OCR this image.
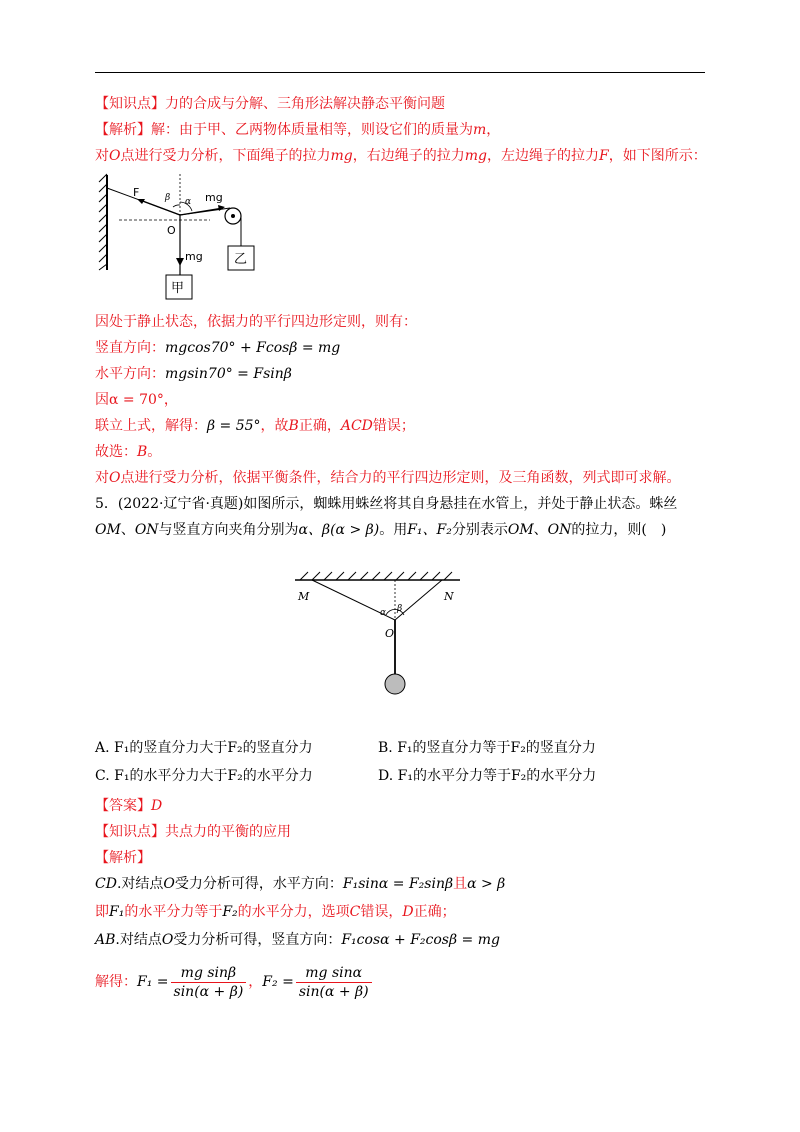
【知识点】力的合成与分解、三角形法解决静态平衡问题
【解析】解：由于甲、乙两物体质量相等，则设它们的质量为m，
对O点进行受力分析，下面绳子的拉力mg，右边绳子的拉力mg，左边绳子的拉力F，如下图所示：
F	β α mg
O
mg
甲
乙
因处于静止状态，依据力的平行四边形定则，则有：
竖直方向：mgcos70° + Fcosβ = mg
水平方向：mgsin70° = Fsinβ
因α = 70°，
联立上式，解得：β = 55°，故B正确，ACD错误；
故选：B。
对O点进行受力分析，依据平衡条件，结合力的平行四边形定则，及三角函数，列式即可求解。
5．(2022·辽宁省·真题)如图所示，蜘蛛用蛛丝将其自身悬挂在水管上，并处于静止状态。蛛丝
OM、ON与竖直方向夹角分别为α、β(α > β)。用F₁、F₂分别表示OM、ON的拉力，则(　)
M	N
α β
O
A. F₁的竖直分力大于F₂的竖直分力	B. F₁的竖直分力等于F₂的竖直分力
C. F₁的水平分力大于F₂的水平分力	D. F₁的水平分力等于F₂的水平分力
【答案】D
【知识点】共点力的平衡的应用
【解析】
CD.对结点O受力分析可得，水平方向：F₁sinα = F₂sinβ且α > β
即F₁的水平分力等于F₂的水平分力，选项C错误，D正确；
AB.对结点O受力分析可得，竖直方向：F₁cosα + F₂cosβ = mg
解得：$F_1 = \frac{\text{mg sinβ}}{\sin(\alpha + \beta)}$ ，$F_2 = \frac{\text{mg sinα}}{\sin(\alpha + \beta)}$
